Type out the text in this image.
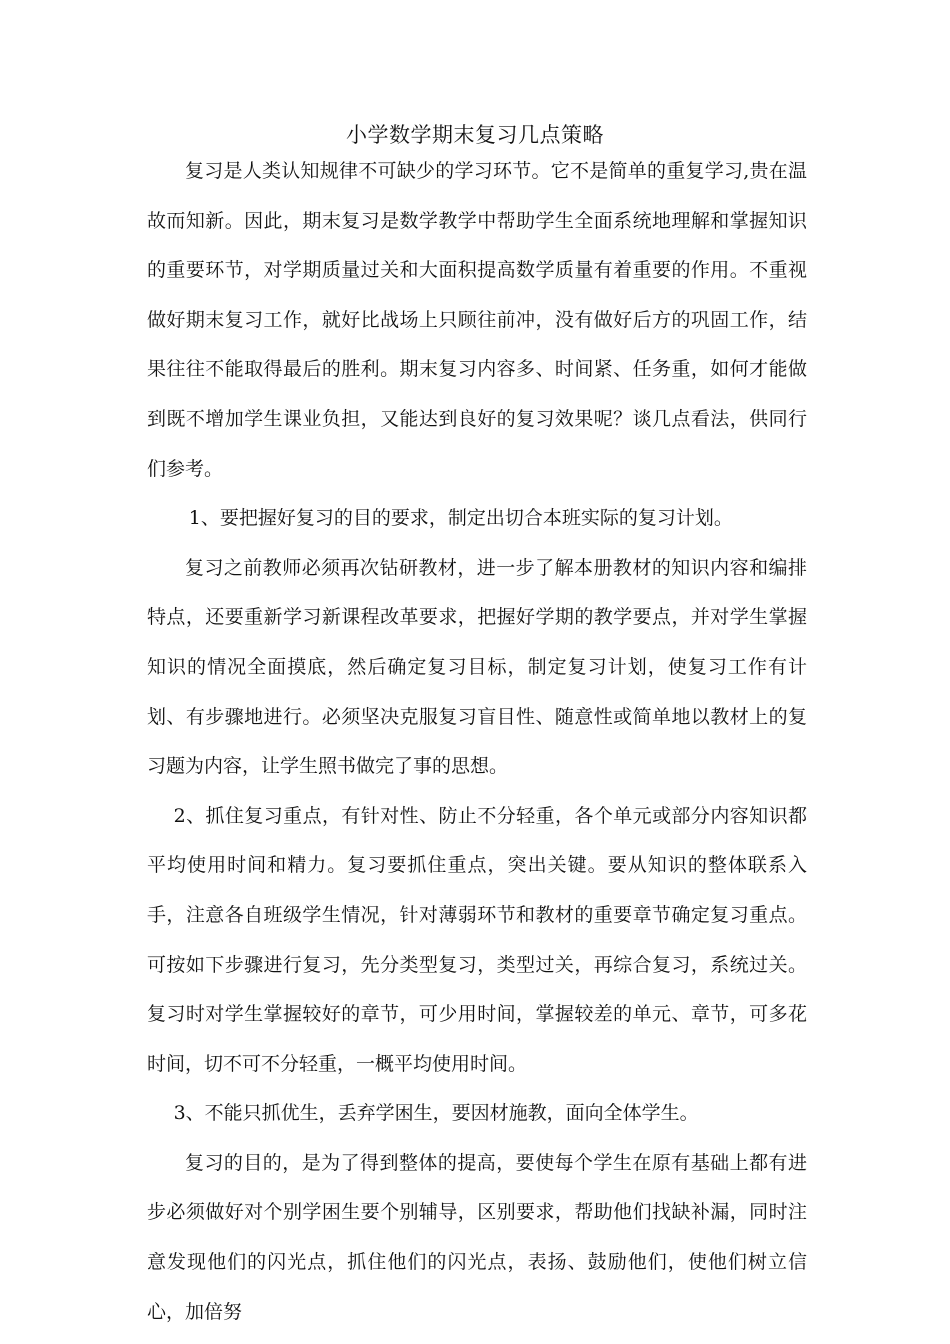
小学数学期末复习几点策略

复习是人类认知规律不可缺少的学习环节。它不是简单的重复学习,贵在温故而知新。因此，期末复习是数学教学中帮助学生全面系统地理解和掌握知识的重要环节，对学期质量过关和大面积提高数学质量有着重要的作用。不重视做好期末复习工作，就好比战场上只顾往前冲，没有做好后方的巩固工作，结果往往不能取得最后的胜利。期末复习内容多、时间紧、任务重，如何才能做到既不增加学生课业负担，又能达到良好的复习效果呢？谈几点看法，供同行们参考。

1、要把握好复习的目的要求，制定出切合本班实际的复习计划。

复习之前教师必须再次钻研教材，进一步了解本册教材的知识内容和编排特点，还要重新学习新课程改革要求，把握好学期的教学要点，并对学生掌握知识的情况全面摸底，然后确定复习目标，制定复习计划，使复习工作有计划、有步骤地进行。必须坚决克服复习盲目性、随意性或简单地以教材上的复习题为内容，让学生照书做完了事的思想。

2、抓住复习重点，有针对性、防止不分轻重，各个单元或部分内容知识都平均使用时间和精力。复习要抓住重点，突出关键。要从知识的整体联系入手，注意各自班级学生情况，针对薄弱环节和教材的重要章节确定复习重点。可按如下步骤进行复习，先分类型复习，类型过关，再综合复习，系统过关。复习时对学生掌握较好的章节，可少用时间，掌握较差的单元、章节，可多花时间，切不可不分轻重，一概平均使用时间。

3、不能只抓优生，丢弃学困生，要因材施教，面向全体学生。

复习的目的，是为了得到整体的提高，要使每个学生在原有基础上都有进步必须做好对个别学困生要个别辅导，区别要求，帮助他们找缺补漏，同时注意发现他们的闪光点，抓住他们的闪光点，表扬、鼓励他们，使他们树立信心，加倍努
